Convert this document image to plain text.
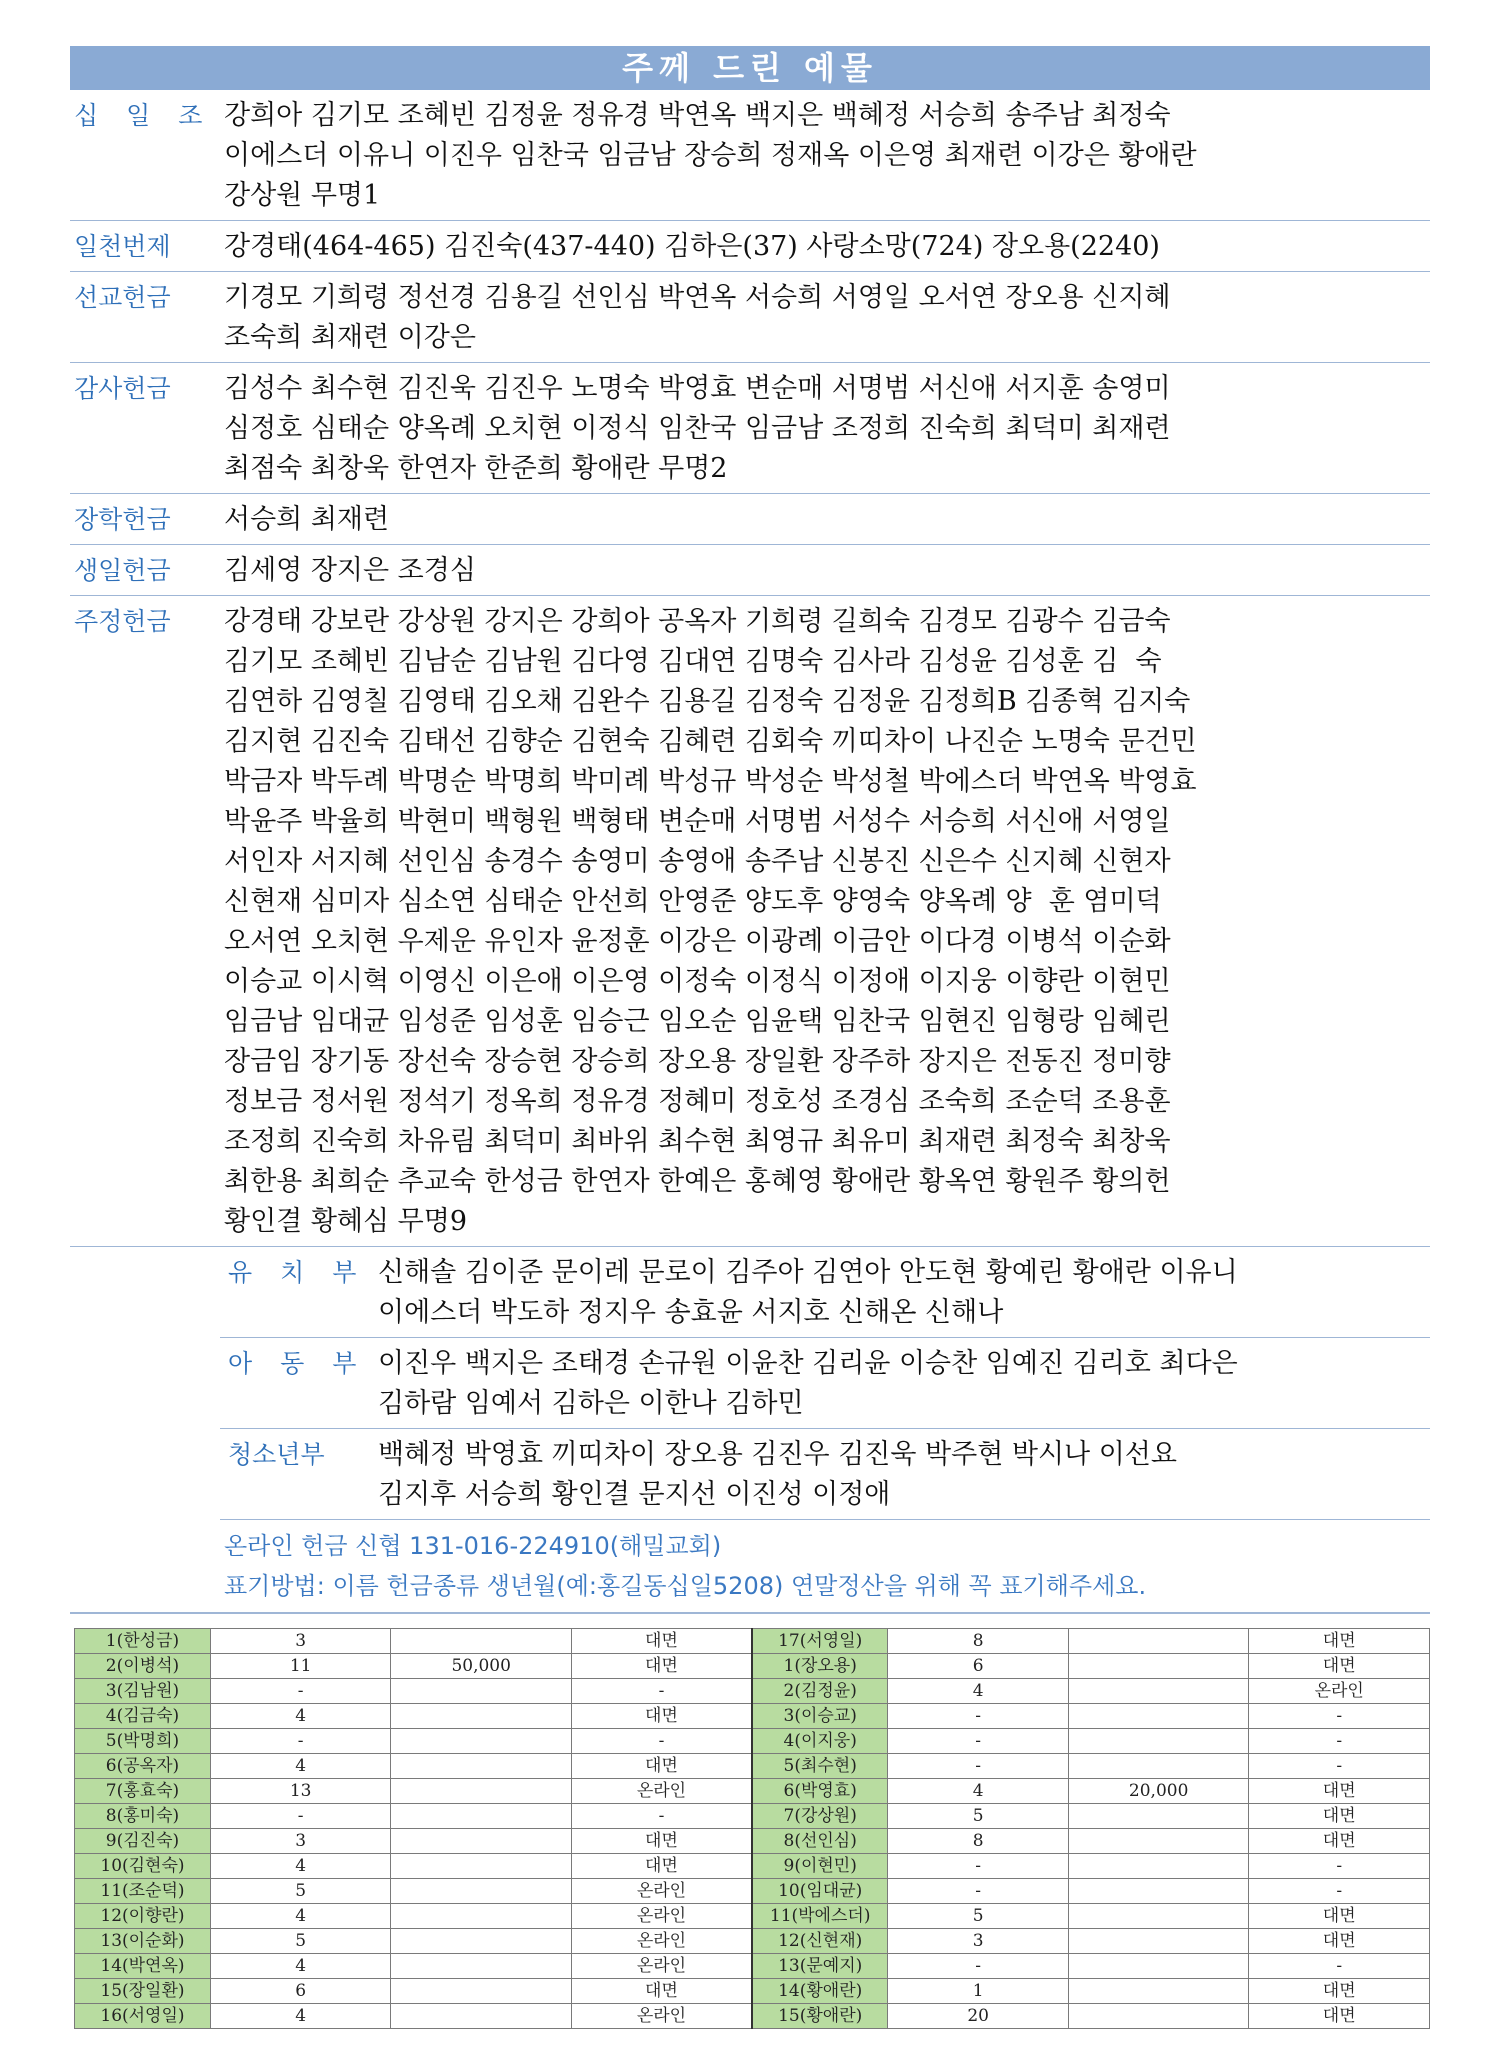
주께 드린 예물
십 일 조 강희아 김기모 조혜빈 김정윤 정유경 박연옥 백지은 백혜정 서승희 송주남 최정숙
이에스더 이유니 이진우 임찬국 임금남 장승희 정재옥 이은영 최재련 이강은 황애란
강상원 무명1
일천번제	강경태(464-465) 김진숙(437-440) 김하은(37) 사랑소망(724) 장오용(2240)
선교헌금	기경모 기희령 정선경 김용길 선인심 박연옥 서승희 서영일 오서연 장오용 신지혜
조숙희 최재련 이강은
감사헌금	김성수 최수현 김진욱 김진우 노명숙 박영효 변순매 서명범 서신애 서지훈 송영미
심정호 심태순 양옥례 오치현 이정식 임찬국 임금남 조정희 진숙희 최덕미 최재련
최점숙 최창욱 한연자 한준희 황애란 무명2
장학헌금	서승희 최재련
생일헌금	김세영 장지은 조경심
주정헌금	강경태 강보란 강상원 강지은 강희아 공옥자 기희령 길희숙 김경모 김광수 김금숙
김기모 조혜빈 김남순 김남원 김다영 김대연 김명숙 김사라 김성윤 김성훈 김  숙
김연하 김영칠 김영태 김오채 김완수 김용길 김정숙 김정윤 김정희B 김종혁 김지숙
김지현 김진숙 김태선 김향순 김현숙 김혜련 김회숙 끼띠차이 나진순 노명숙 문건민
박금자 박두례 박명순 박명희 박미례 박성규 박성순 박성철 박에스더 박연옥 박영효
박윤주 박율희 박현미 백형원 백형태 변순매 서명범 서성수 서승희 서신애 서영일
서인자 서지혜 선인심 송경수 송영미 송영애 송주남 신봉진 신은수 신지혜 신현자
신현재 심미자 심소연 심태순 안선희 안영준 양도후 양영숙 양옥례 양  훈 염미덕
오서연 오치현 우제운 유인자 윤정훈 이강은 이광례 이금안 이다경 이병석 이순화
이승교 이시혁 이영신 이은애 이은영 이정숙 이정식 이정애 이지웅 이향란 이현민
임금남 임대균 임성준 임성훈 임승근 임오순 임윤택 임찬국 임현진 임형랑 임혜린
장금임 장기동 장선숙 장승현 장승희 장오용 장일환 장주하 장지은 전동진 정미향
정보금 정서원 정석기 정옥희 정유경 정혜미 정호성 조경심 조숙희 조순덕 조용훈
조정희 진숙희 차유림 최덕미 최바위 최수현 최영규 최유미 최재련 최정숙 최창욱
최한용 최희순 추교숙 한성금 한연자 한예은 홍혜영 황애란 황옥연 황원주 황의헌
황인결 황혜심 무명9
유 치 부 신해솔 김이준 문이레 문로이 김주아 김연아 안도현 황예린 황애란 이유니
이에스더 박도하 정지우 송효윤 서지호 신해온 신해나
아 동 부 이진우 백지은 조태경 손규원 이윤찬 김리윤 이승찬 임예진 김리호 최다은
김하람 임예서 김하은 이한나 김하민
청소년부	백혜정 박영효 끼띠차이 장오용 김진우 김진욱 박주현 박시나 이선요
김지후 서승희 황인결 문지선 이진성 이정애
온라인 헌금 신협 131-016-224910(해밀교회)
표기방법: 이름 헌금종류 생년월(예:홍길동십일5208) 연말정산을 위해 꼭 표기해주세요.
1(한성금)	3		대면	17(서영일)	8		대면
2(이병석)	11	50,000	대면	1(장오용)	6		대면
3(김남원)	-		-	2(김정윤)	4		온라인
4(김금숙)	4		대면	3(이승교)	-		-
5(박명희)	-		-	4(이지웅)	-		-
6(공옥자)	4		대면	5(최수현)	-		-
7(홍효숙)	13		온라인	6(박영효)	4	20,000	대면
8(홍미숙)	-		-	7(강상원)	5		대면
9(김진숙)	3		대면	8(선인심)	8		대면
10(김현숙)	4		대면	9(이현민)	-		-
11(조순덕)	5		온라인	10(임대균)	-		-
12(이향란)	4		온라인	11(박에스더)	5		대면
13(이순화)	5		온라인	12(신현재)	3		대면
14(박연옥)	4		온라인	13(문예지)	-		-
15(장일환)	6		대면	14(황애란)	1		대면
16(서영일)	4		온라인	15(황애란)	20		대면
